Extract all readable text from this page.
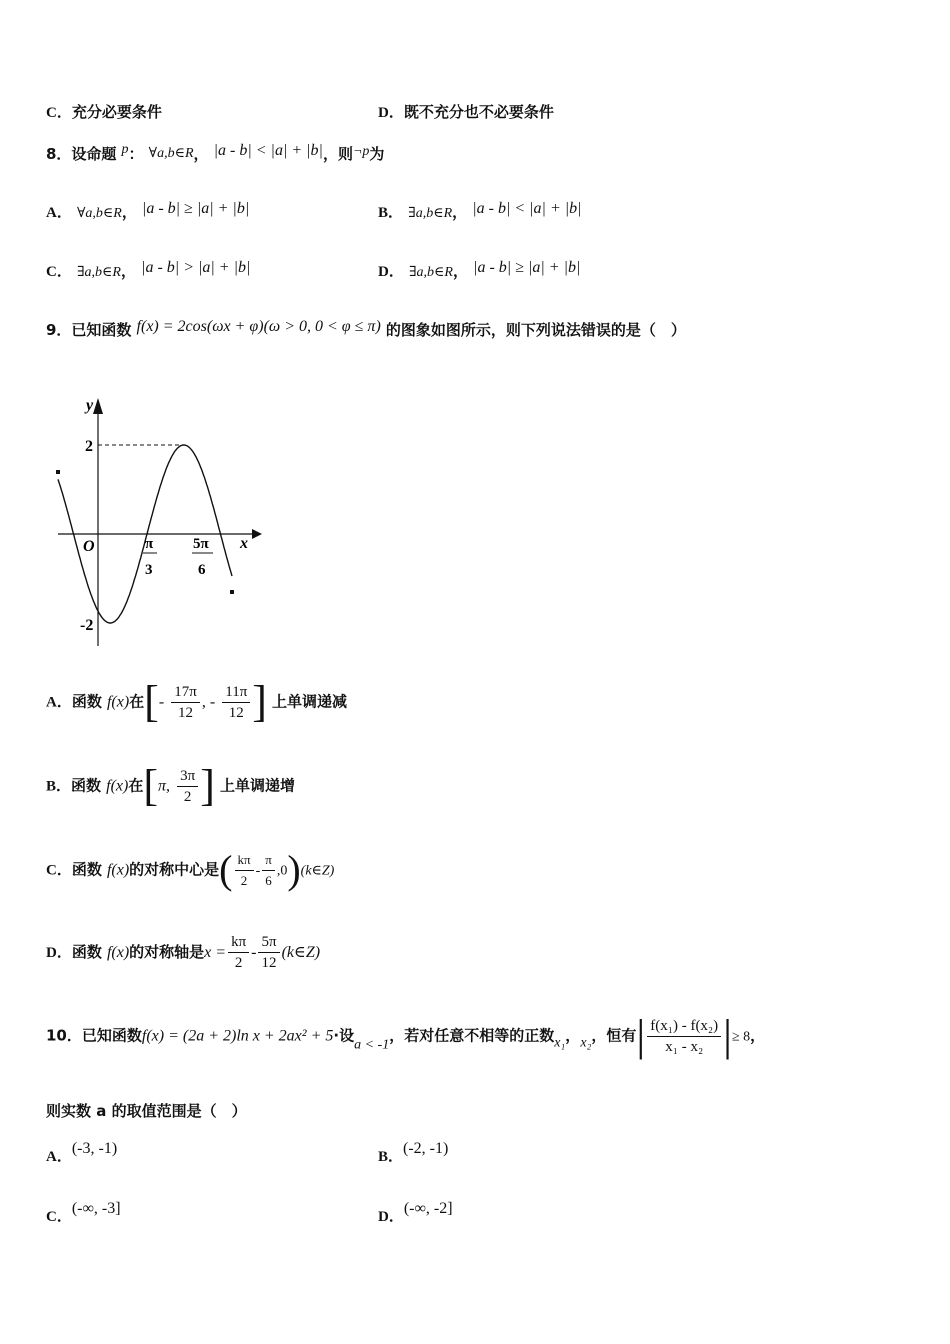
C．充分必要条件	D．既不充分也不必要条件
8．设命题 p： ∀a,b∈R， |a - b| < |a| + |b|，则¬p为
A． ∀a,b∈R， |a - b| ≥ |a| + |b|	B． ∃a,b∈R， |a - b| < |a| + |b|
C． ∃a,b∈R， |a - b| > |a| + |b|	D． ∃a,b∈R， |a - b| ≥ |a| + |b|
9．已知函数 f(x) = 2cos(ωx + φ)(ω > 0, 0 < φ ≤ π) 的图象如图所示，则下列说法错误的是（　）
y
x
O
2
-2
π
3
5π
6
A．函数 f(x)在[- $\frac{17\pi}{12}$ , - $\frac{11\pi}{12}$ ] 上单调递减
B．函数 f(x)在[π, $\frac{3\pi}{2}$ ] 上单调递增
C．函数 f(x)的对称中心是( $\frac{k\pi}{2} - \frac{\pi}{6}$ ,0)(k∈Z)
D．函数 f(x)的对称轴是$x = \frac{k\pi}{2} - \frac{5\pi}{12}$ (k∈Z)
10．已知函数f(x) = (2a + 2)ln x + 2ax² + 5·设a < -1，若对任意不相等的正数x₁，x₂，恒有| $\frac{\text{f(x₁) - f(x₂)}}{\text{x₁ - x₂}}$ |≥ 8，
则实数 a 的取值范围是（　）
A．(-3, -1)	B．(-2, -1)
C．(-∞, -3]	D．(-∞, -2]
